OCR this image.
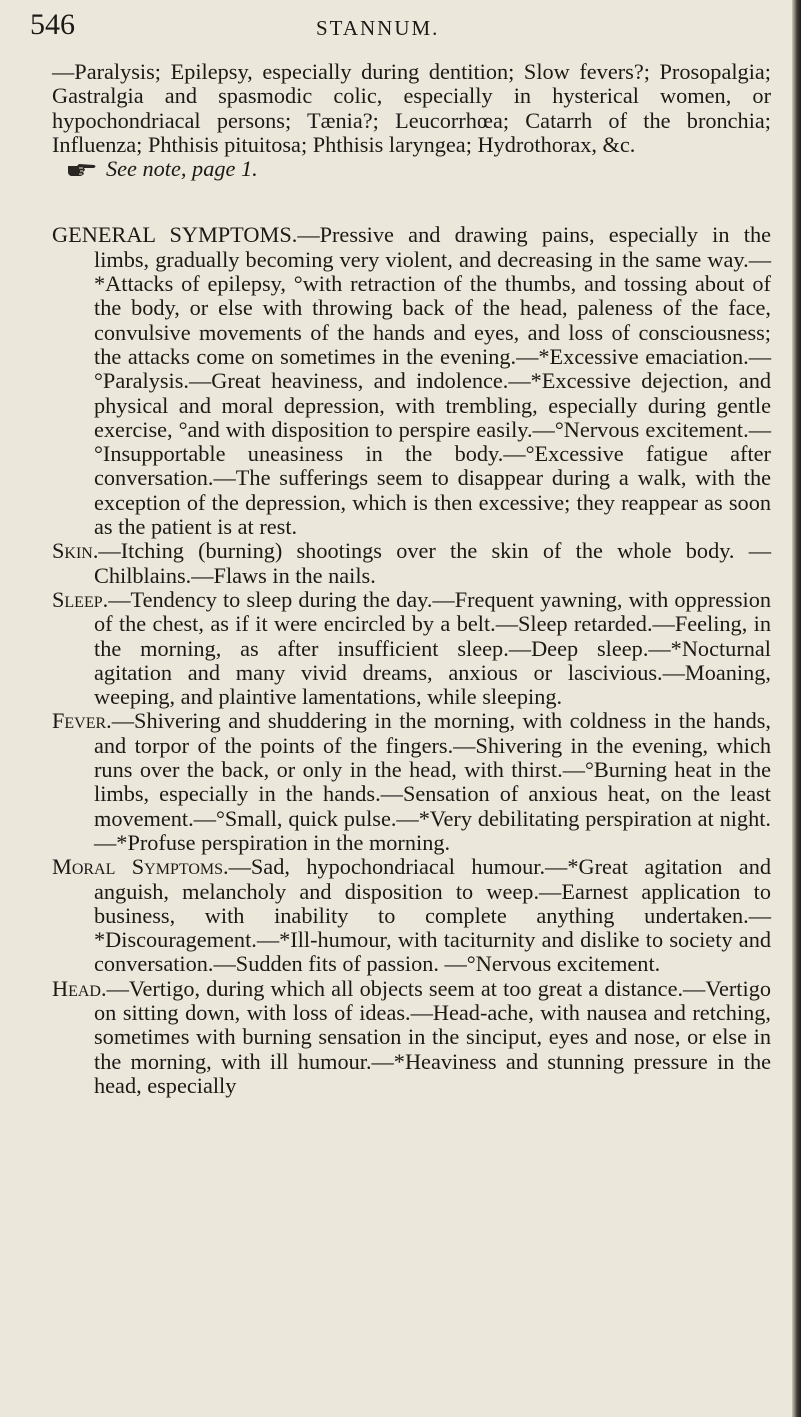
546	STANNUM.

—Paralysis; Epilepsy, especially during dentition; Slow fevers?; Prosopalgia; Gastralgia and spasmodic colic, especially in hysterical women, or hypochondriacal persons; Tænia?; Leucorrhœa; Catarrh of the bronchia; Influenza; Phthisis pituitosa; Phthisis laryngea; Hydrothorax, &c.

See note, page 1.

GENERAL SYMPTOMS.—Pressive and drawing pains, especially in the limbs, gradually becoming very violent, and decreasing in the same way.—*Attacks of epilepsy, °with retraction of the thumbs, and tossing about of the body, or else with throwing back of the head, paleness of the face, convulsive movements of the hands and eyes, and loss of consciousness; the attacks come on sometimes in the evening.—*Excessive emaciation.—°Paralysis.—Great heaviness, and indolence.—*Excessive dejection, and physical and moral depression, with trembling, especially during gentle exercise, °and with disposition to perspire easily.—°Nervous excitement.—°Insupportable uneasiness in the body.—°Excessive fatigue after conversation.—The sufferings seem to disappear during a walk, with the exception of the depression, which is then excessive; they reappear as soon as the patient is at rest.

Skin.—Itching (burning) shootings over the skin of the whole body. —Chilblains.—Flaws in the nails.

Sleep.—Tendency to sleep during the day.—Frequent yawning, with oppression of the chest, as if it were encircled by a belt.—Sleep retarded.—Feeling, in the morning, as after insufficient sleep.—Deep sleep.—*Nocturnal agitation and many vivid dreams, anxious or lascivious.—Moaning, weeping, and plaintive lamentations, while sleeping.

Fever.—Shivering and shuddering in the morning, with coldness in the hands, and torpor of the points of the fingers.—Shivering in the evening, which runs over the back, or only in the head, with thirst.—°Burning heat in the limbs, especially in the hands.—Sensation of anxious heat, on the least movement.—°Small, quick pulse.—*Very debilitating perspiration at night.—*Profuse perspiration in the morning.

Moral Symptoms.—Sad, hypochondriacal humour.—*Great agitation and anguish, melancholy and disposition to weep.—Earnest application to business, with inability to complete anything undertaken.—*Discouragement.—*Ill-humour, with taciturnity and dislike to society and conversation.—Sudden fits of passion. —°Nervous excitement.

Head.—Vertigo, during which all objects seem at too great a distance.—Vertigo on sitting down, with loss of ideas.—Head-ache, with nausea and retching, sometimes with burning sensation in the sinciput, eyes and nose, or else in the morning, with ill humour.—*Heaviness and stunning pressure in the head, especially
